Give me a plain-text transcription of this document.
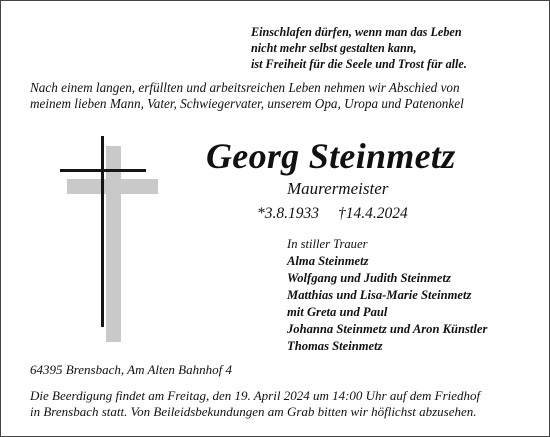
Einschlafen dürfen, wenn man das Leben
nicht mehr selbst gestalten kann,
ist Freiheit für die Seele und Trost für alle.
Nach einem langen, erfüllten und arbeitsreichen Leben nehmen wir Abschied von
meinem lieben Mann, Vater, Schwiegervater, unserem Opa, Uropa und Patenonkel
Georg Steinmetz
Maurermeister
*3.8.1933 †14.4.2024
In stiller Trauer
Alma Steinmetz
Wolfgang und Judith Steinmetz
Matthias und Lisa-Marie Steinmetz
mit Greta und Paul
Johanna Steinmetz und Aron Künstler
Thomas Steinmetz
64395 Brensbach, Am Alten Bahnhof 4
Die Beerdigung findet am Freitag, den 19. April 2024 um 14:00 Uhr auf dem Friedhof
in Brensbach statt. Von Beileidsbekundungen am Grab bitten wir höflichst abzusehen.
